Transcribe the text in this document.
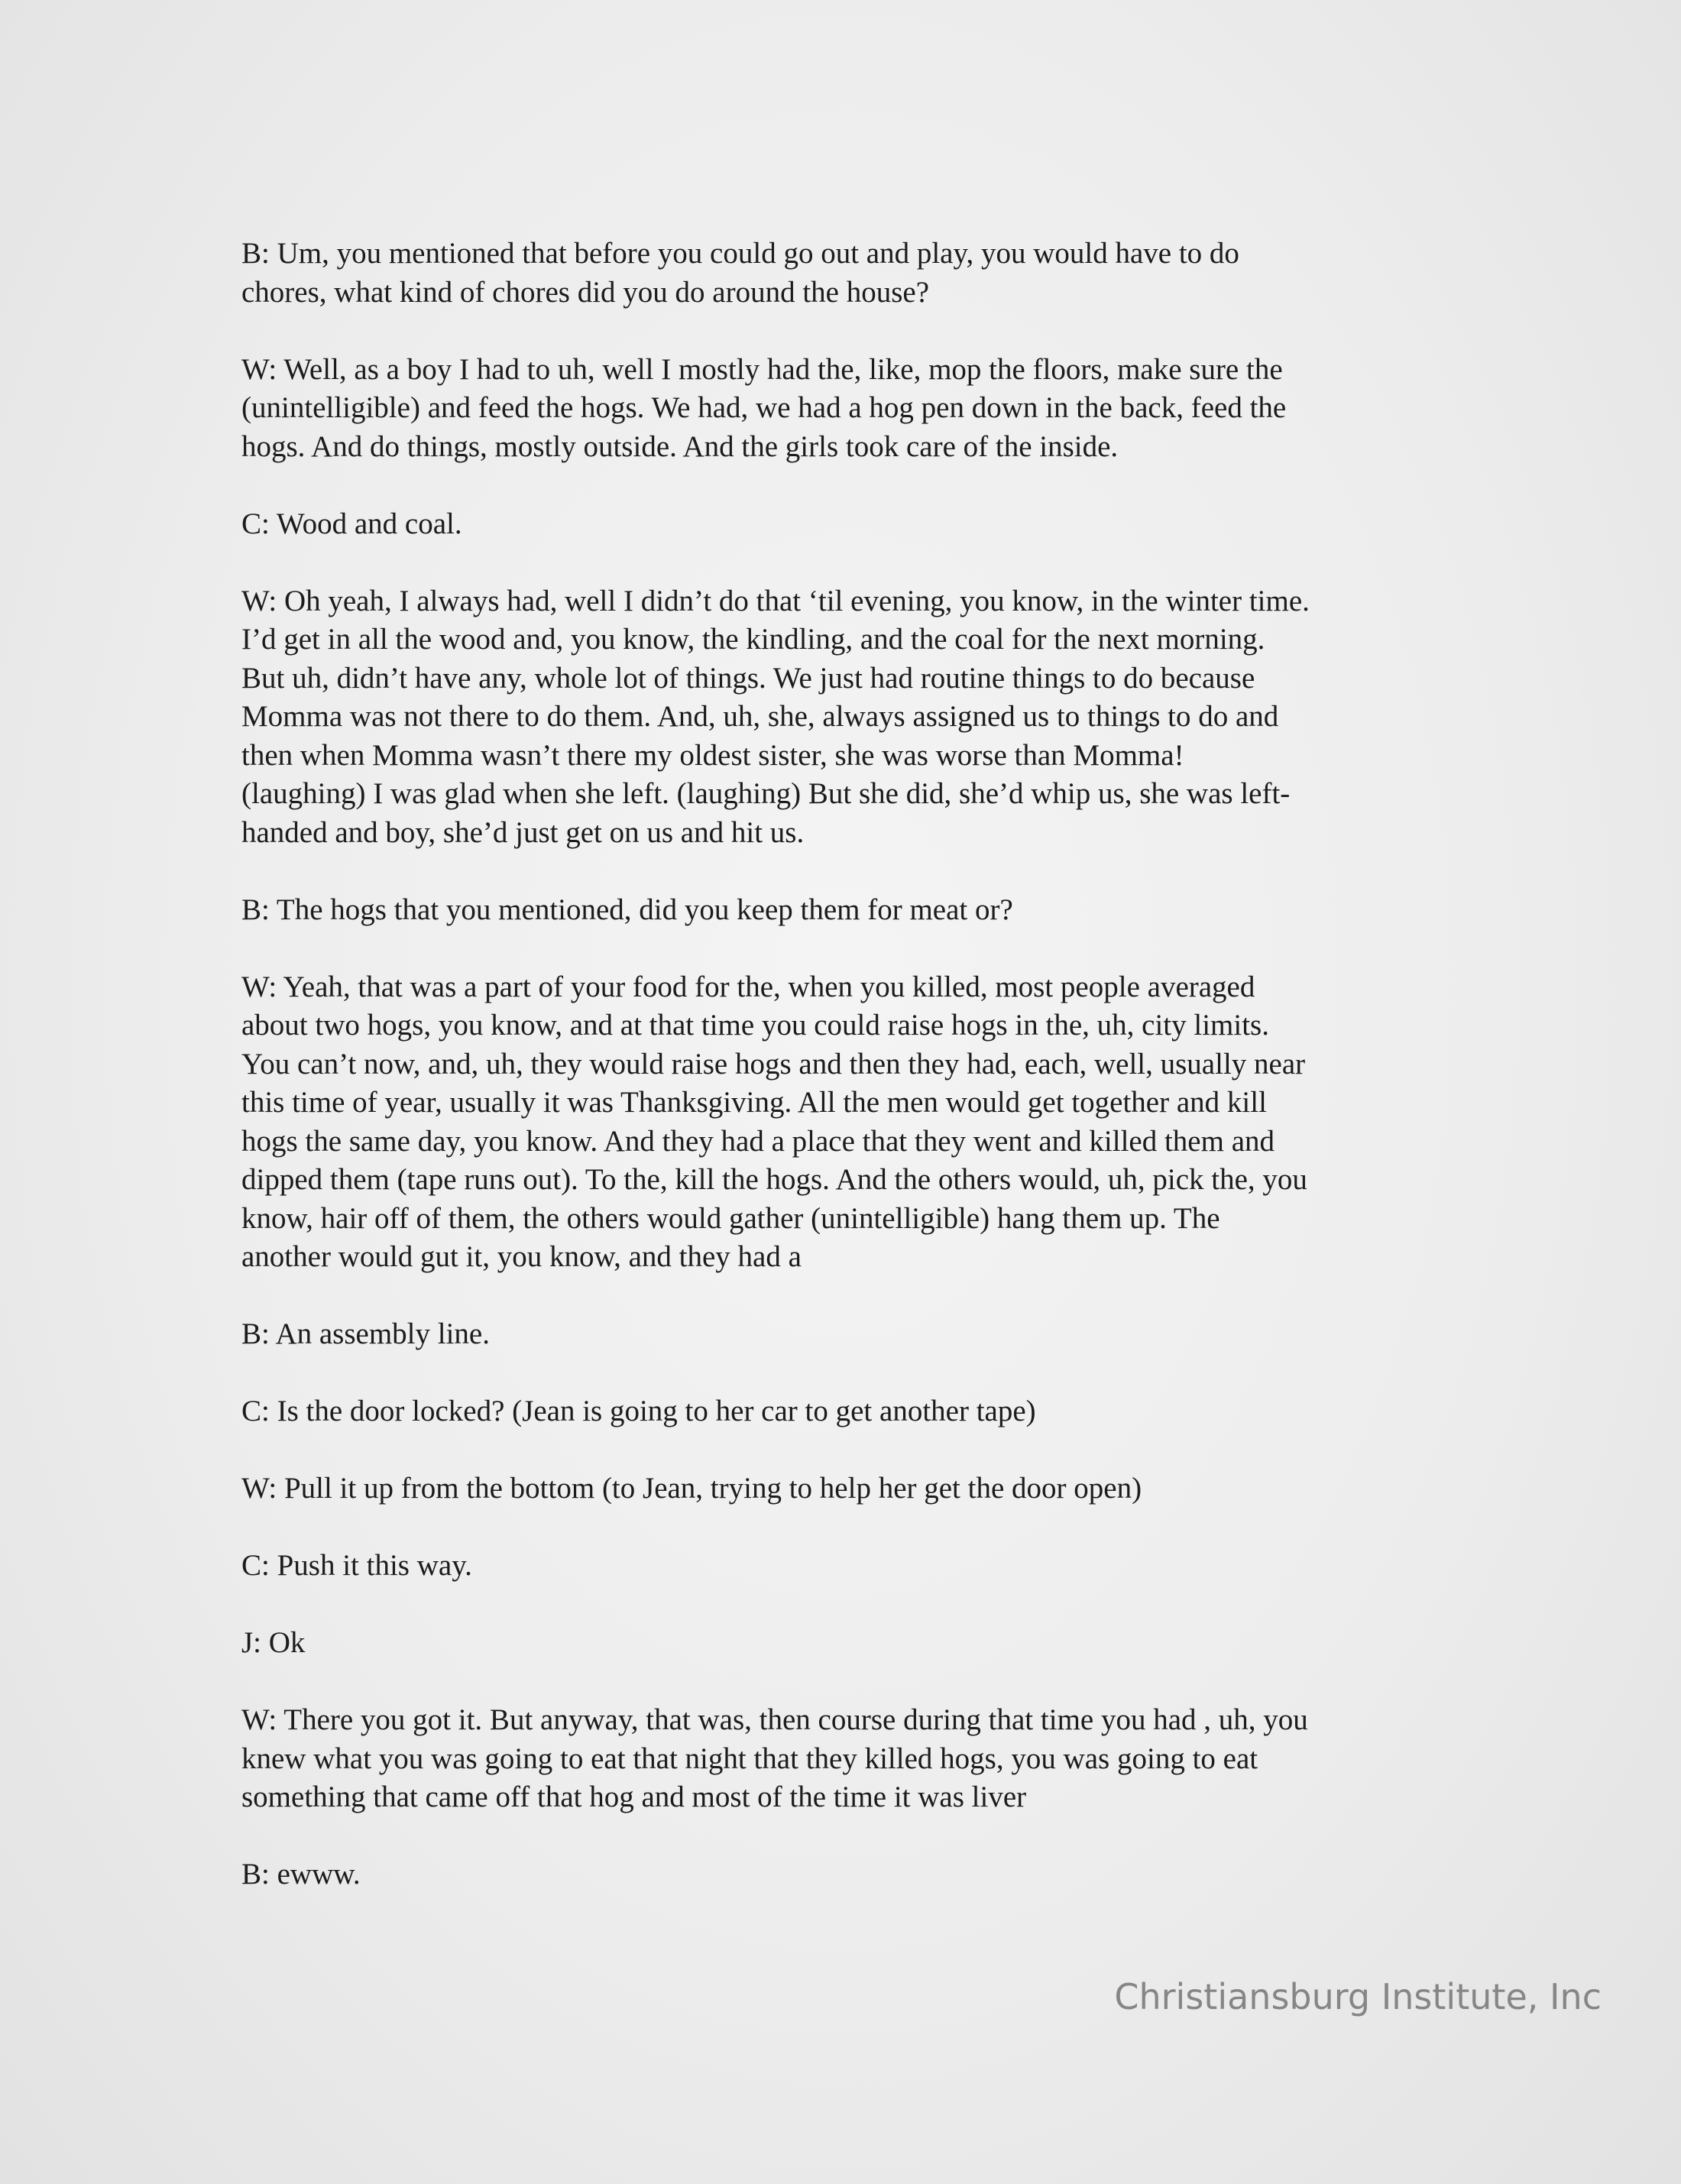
B: Um, you mentioned that before you could go out and play, you would have to do
chores, what kind of chores did you do around the house?

W: Well, as a boy I had to uh, well I mostly had the, like, mop the floors, make sure the
(unintelligible) and feed the hogs. We had, we had a hog pen down in the back, feed the
hogs. And do things, mostly outside. And the girls took care of the inside.

C: Wood and coal.

W: Oh yeah, I always had, well I didn’t do that ‘til evening, you know, in the winter time.
I’d get in all the wood and, you know, the kindling, and the coal for the next morning.
But uh, didn’t have any, whole lot of things. We just had routine things to do because
Momma was not there to do them. And, uh, she, always assigned us to things to do and
then when Momma wasn’t there my oldest sister, she was worse than Momma!
(laughing) I was glad when she left. (laughing) But she did, she’d whip us, she was left-
handed and boy, she’d just get on us and hit us.

B: The hogs that you mentioned, did you keep them for meat or?

W: Yeah, that was a part of your food for the, when you killed, most people averaged
about two hogs, you know, and at that time you could raise hogs in the, uh, city limits.
You can’t now, and, uh, they would raise hogs and then they had, each, well, usually near
this time of year, usually it was Thanksgiving. All the men would get together and kill
hogs the same day, you know. And they had a place that they went and killed them and
dipped them (tape runs out). To the, kill the hogs. And the others would, uh, pick the, you
know, hair off of them, the others would gather (unintelligible) hang them up. The
another would gut it, you know, and they had a

B: An assembly line.

C: Is the door locked? (Jean is going to her car to get another tape)

W: Pull it up from the bottom (to Jean, trying to help her get the door open)

C: Push it this way.

J: Ok

W: There you got it. But anyway, that was, then course during that time you had , uh, you
knew what you was going to eat that night that they killed hogs, you was going to eat
something that came off that hog and most of the time it was liver

B: ewww.

Christiansburg Institute, Inc
